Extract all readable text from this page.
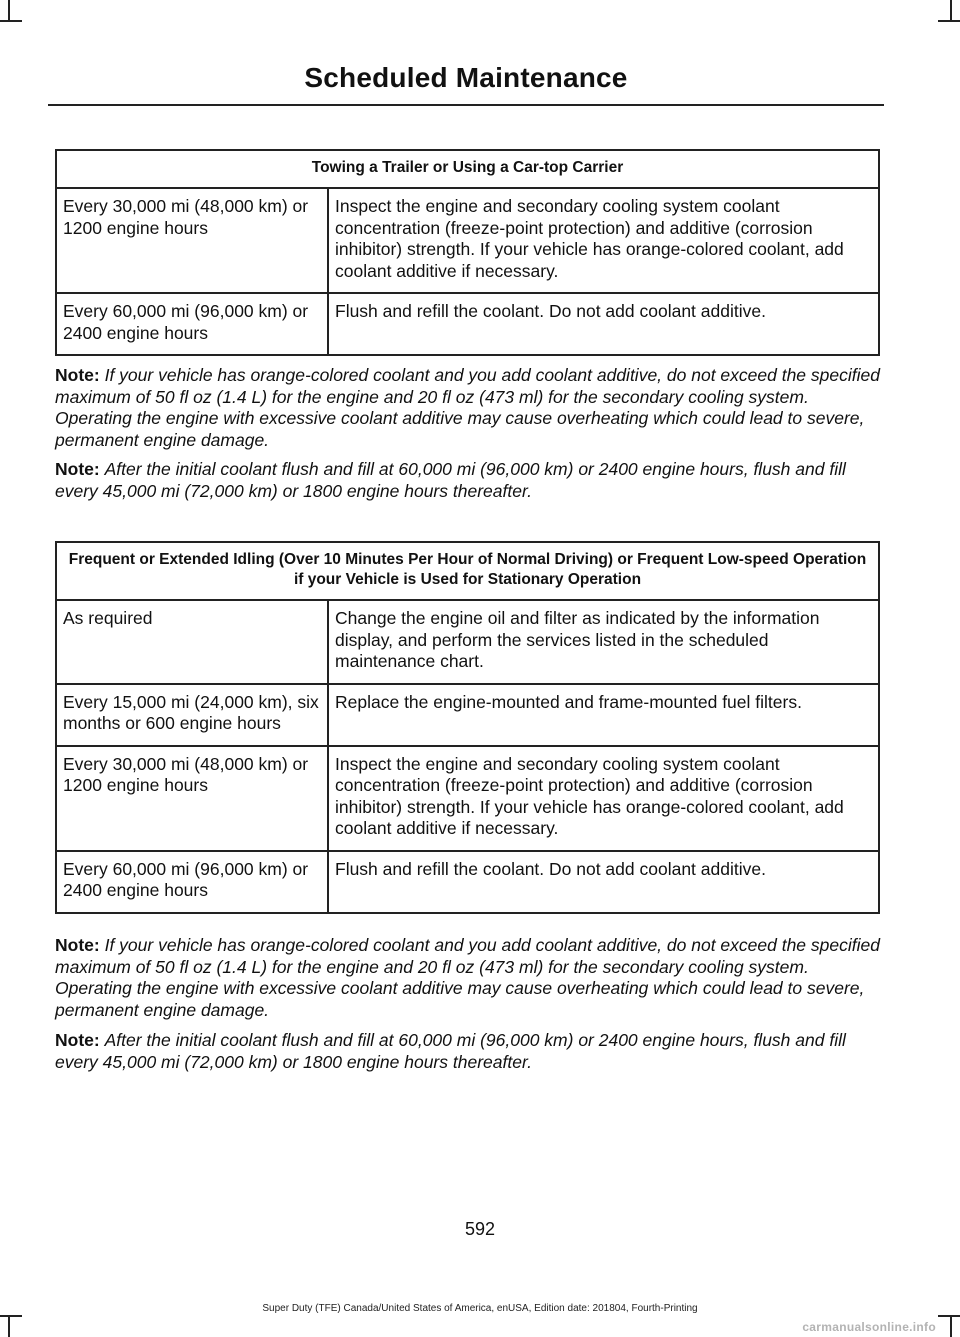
Scheduled Maintenance
Towing a Trailer or Using a Car-top Carrier	
Every 30,000 mi (48,000 km) or 1200 engine hours	Inspect the engine and secondary cooling system coolant concentration (freeze-point protection) and additive (corrosion inhibitor) strength. If your vehicle has orange-colored coolant, add coolant additive if necessary.
Every 60,000 mi (96,000 km) or 2400 engine hours	Flush and refill the coolant. Do not add coolant additive.

Note: If your vehicle has orange-colored coolant and you add coolant additive, do not exceed the specified maximum of 50 fl oz (1.4 L) for the engine and 20 fl oz (473 ml) for the secondary cooling system. Operating the engine with excessive coolant additive may cause overheating which could lead to severe, permanent engine damage.

Note: After the initial coolant flush and fill at 60,000 mi (96,000 km) or 2400 engine hours, flush and fill every 45,000 mi (72,000 km) or 1800 engine hours thereafter.

Frequent or Extended Idling (Over 10 Minutes Per Hour of Normal Driving) or Frequent Low-speed Operation if your Vehicle is Used for Stationary Operation	
As required	Change the engine oil and filter as indicated by the information display, and perform the services listed in the scheduled maintenance chart.
Every 15,000 mi (24,000 km), six months or 600 engine hours	Replace the engine-mounted and frame-mounted fuel filters.
Every 30,000 mi (48,000 km) or 1200 engine hours	Inspect the engine and secondary cooling system coolant concentration (freeze-point protection) and additive (corrosion inhibitor) strength. If your vehicle has orange-colored coolant, add coolant additive if necessary.
Every 60,000 mi (96,000 km) or 2400 engine hours	Flush and refill the coolant. Do not add coolant additive.

Note: If your vehicle has orange-colored coolant and you add coolant additive, do not exceed the specified maximum of 50 fl oz (1.4 L) for the engine and 20 fl oz (473 ml) for the secondary cooling system. Operating the engine with excessive coolant additive may cause overheating which could lead to severe, permanent engine damage.

Note: After the initial coolant flush and fill at 60,000 mi (96,000 km) or 2400 engine hours, flush and fill every 45,000 mi (72,000 km) or 1800 engine hours thereafter.

592
Super Duty (TFE) Canada/United States of America, enUSA, Edition date: 201804, Fourth-Printing
carmanualsonline.info
